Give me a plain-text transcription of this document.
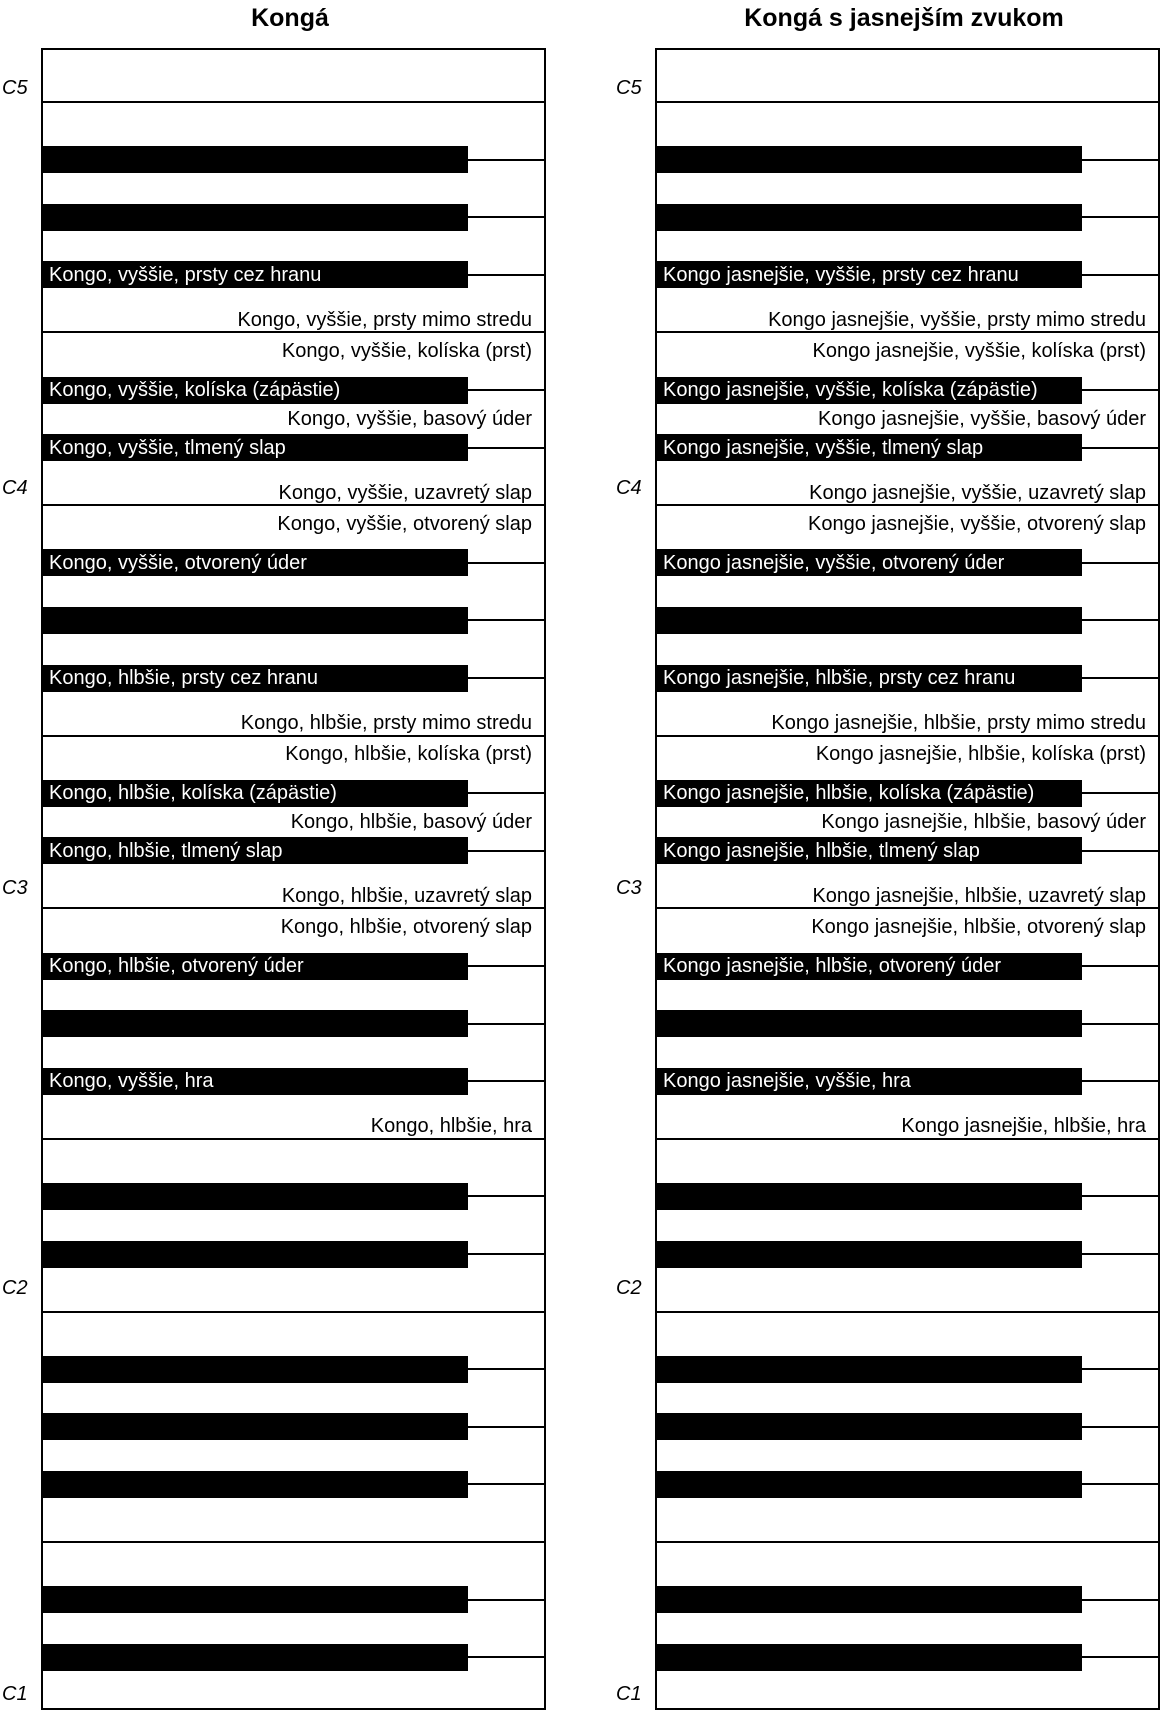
Kongá
Kongo, vyššie, prsty cez hranu
Kongo, vyššie, kolíska (zápästie)
Kongo, vyššie, tlmený slap
Kongo, vyššie, prsty mimo stredu
Kongo, vyššie, kolíska (prst)
Kongo, vyššie, basový úder
Kongo, vyššie, uzavretý slap
Kongo, vyššie, otvorený úder
Kongo, hlbšie, prsty cez hranu
Kongo, hlbšie, kolíska (zápästie)
Kongo, hlbšie, tlmený slap
Kongo, vyššie, otvorený slap
Kongo, hlbšie, prsty mimo stredu
Kongo, hlbšie, kolíska (prst)
Kongo, hlbšie, basový úder
Kongo, hlbšie, uzavretý slap
Kongo, hlbšie, otvorený úder
Kongo, vyššie, hra
Kongo, hlbšie, otvorený slap
Kongo, hlbšie, hra
C5
C4
C3
C2
C1
Kongá s jasnejším zvukom
Kongo jasnejšie, vyššie, prsty cez hranu
Kongo jasnejšie, vyššie, kolíska (zápästie)
Kongo jasnejšie, vyššie, tlmený slap
Kongo jasnejšie, vyššie, prsty mimo stredu
Kongo jasnejšie, vyššie, kolíska (prst)
Kongo jasnejšie, vyššie, basový úder
Kongo jasnejšie, vyššie, uzavretý slap
Kongo jasnejšie, vyššie, otvorený úder
Kongo jasnejšie, hlbšie, prsty cez hranu
Kongo jasnejšie, hlbšie, kolíska (zápästie)
Kongo jasnejšie, hlbšie, tlmený slap
Kongo jasnejšie, vyššie, otvorený slap
Kongo jasnejšie, hlbšie, prsty mimo stredu
Kongo jasnejšie, hlbšie, kolíska (prst)
Kongo jasnejšie, hlbšie, basový úder
Kongo jasnejšie, hlbšie, uzavretý slap
Kongo jasnejšie, hlbšie, otvorený úder
Kongo jasnejšie, vyššie, hra
Kongo jasnejšie, hlbšie, otvorený slap
Kongo jasnejšie, hlbšie, hra
C5
C4
C3
C2
C1
